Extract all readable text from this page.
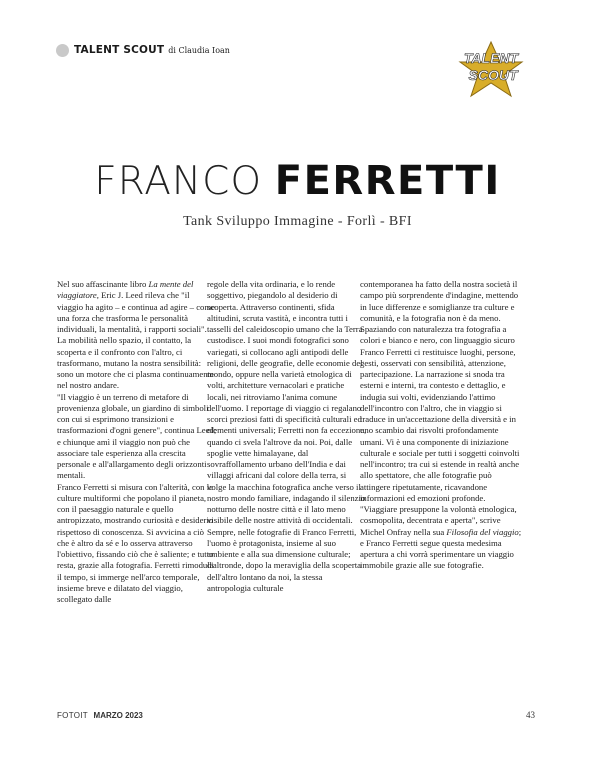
TALENT SCOUT di Claudia Ioan	TALENT
SCOUT
FRANCO FERRETTI
Tank Sviluppo Immagine - Forlì - BFI

Nel suo affascinante libro La mente del viaggiatore, Eric J. Leed rileva che "il viaggio ha agito – e continua ad agire – come una forza che trasforma le personalità individuali, la mentalità, i rapporti sociali". La mobilità nello spazio, il contatto, la scoperta e il confronto con l'altro, ci trasformano, mutano la nostra sensibilità: sono un motore che ci plasma continuamente nel nostro andare.

"Il viaggio è un terreno di metafore di provenienza globale, un giardino di simboli con cui si esprimono transizioni e trasformazioni d'ogni genere", continua Leed; e chiunque amì il viaggio non può che associare tale esperienza alla crescita personale e all'allargamento degli orizzonti mentali.

Franco Ferretti si misura con l'alterità, con le culture multiformi che popolano il pianeta, con il paesaggio naturale e quello antropizzato, mostrando curiosità e desiderio rispettoso di conoscenza. Si avvicina a ciò che è altro da sé e lo osserva attraverso l'obiettivo, fissando ciò che è saliente; e tutto resta, grazie alla fotografia. Ferretti rimodula il tempo, si immerge nell'arco temporale, insieme breve e dilatato del viaggio, scollegato dalle

regole della vita ordinaria, e lo rende soggettivo, piegandolo al desiderio di scoperta. Attraverso continenti, sfida altitudini, scruta vastità, e incontra tutti i tasselli del caleidoscopio umano che la Terra custodisce. I suoi mondi fotografici sono variegati, si collocano agli antipodi delle religioni, delle geografie, delle economie del mondo, oppure nella varietà etnologica di volti, architetture vernacolari e pratiche locali, nei ritroviamo l'anima comune dell'uomo. I reportage di viaggio ci regalano scorci preziosi fatti di specificità culturali ed elementi universali; Ferretti non fa eccezione, quando ci svela l'altrove da noi. Poi, dalle spoglie vette himalayane, dal sovraffollamento urbano dell'India e dai villaggi africani dal colore della terra, si volge la macchina fotografica anche verso il nostro mondo familiare, indagando il silenzio notturno delle nostre città e il lato meno visibile delle nostre attività di occidentali.

Sempre, nelle fotografie di Franco Ferretti, l'uomo è protagonista, insieme al suo ambiente e alla sua dimensione culturale; d'altronde, dopo la meraviglia della scoperta dell'altro lontano da noi, la stessa antropologia culturale

contemporanea ha fatto della nostra società il campo più sorprendente d'indagine, mettendo in luce differenze e somiglianze tra culture e comunità, e la fotografia non è da meno.

Spaziando con naturalezza tra fotografia a colori e bianco e nero, con linguaggio sicuro Franco Ferretti ci restituisce luoghi, persone, gesti, osservati con sensibilità, attenzione, partecipazione. La narrazione si snoda tra esterni e interni, tra contesto e dettaglio, e indugia sui volti, evidenziando l'attimo dell'incontro con l'altro, che in viaggio si traduce in un'accettazione della diversità e in uno scambio dai risvolti profondamente umani. Vi è una componente di iniziazione culturale e sociale per tutti i soggetti coinvolti nell'incontro; tra cui si estende in realtà anche allo spettatore, che alle fotografie può attingere ripetutamente, ricavandone informazioni ed emozioni profonde.

"Viaggiare presuppone la volontà etnologica, cosmopolita, decentrata e aperta", scrive Michel Onfray nella sua Filosofia del viaggio; e Franco Ferretti segue questa medesima apertura a chi vorrà sperimentare un viaggio immobile grazie alle sue fotografie.

FOTOIT MARZO 2023	43
